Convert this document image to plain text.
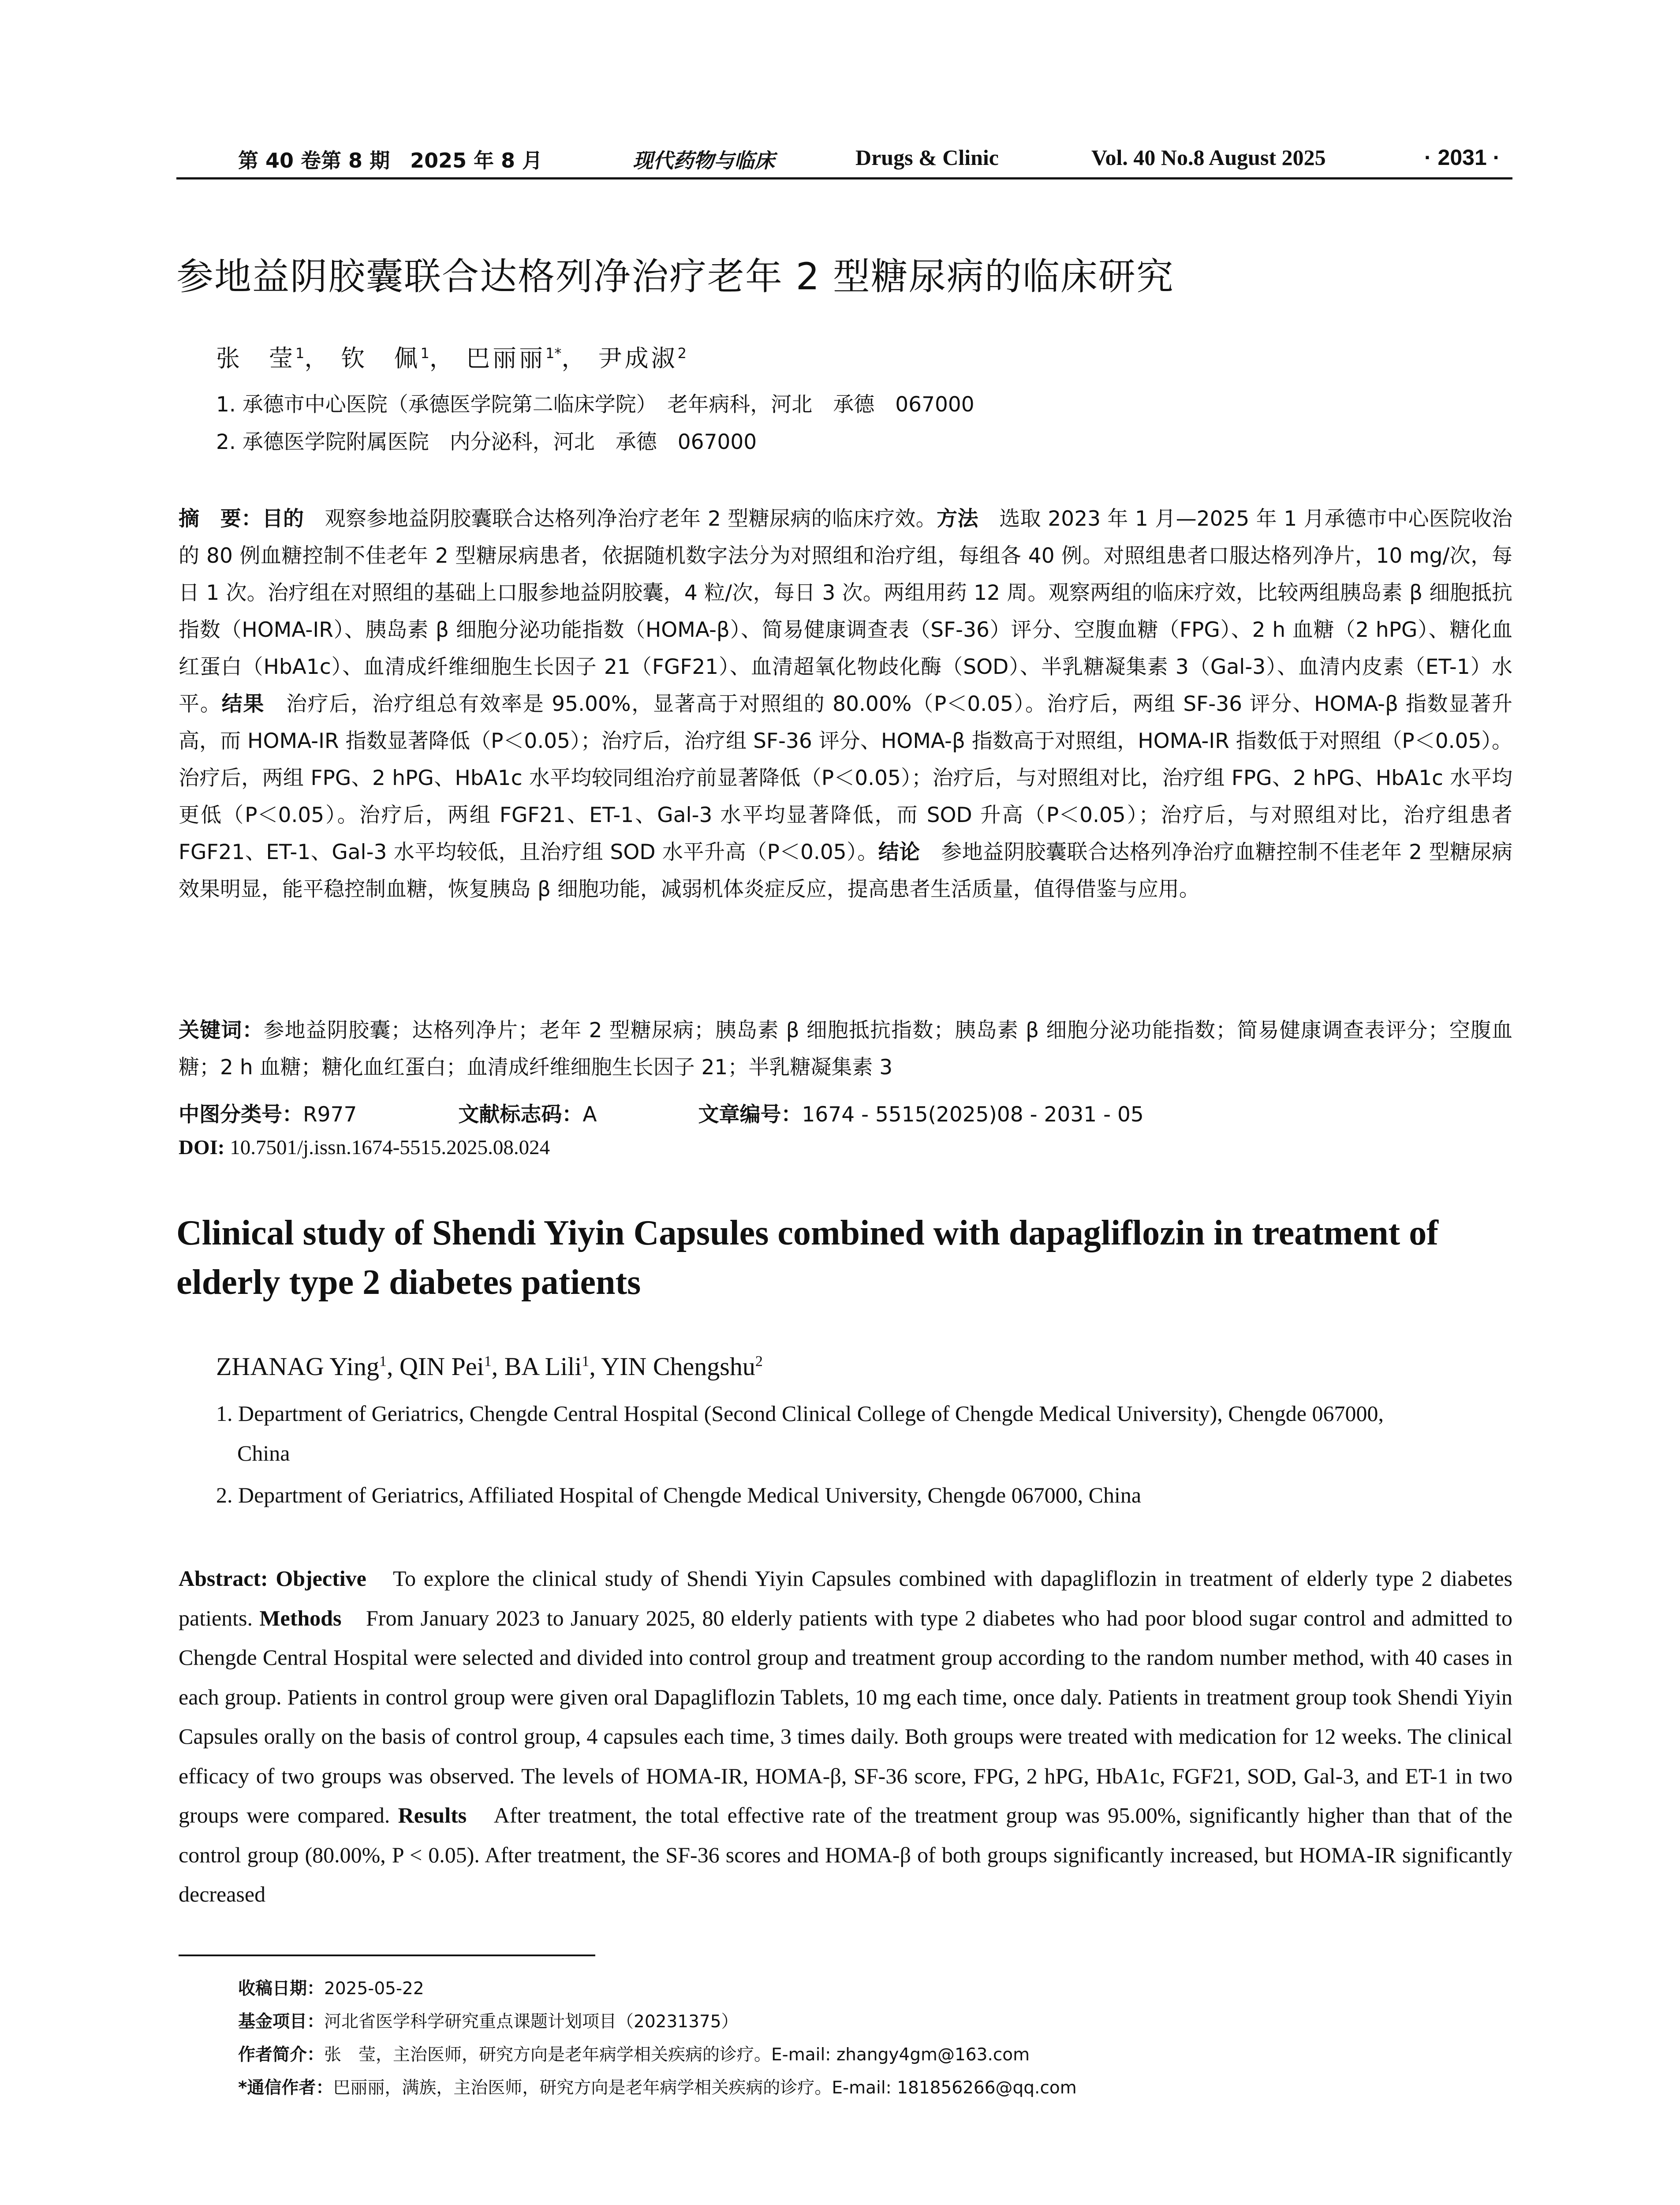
第 40 卷第 8 期　2025 年 8 月	现代药物与临床	Drugs & Clinic	Vol. 40 No.8 August 2025	· 2031 ·
参地益阴胶囊联合达格列净治疗老年 2 型糖尿病的临床研究
张　莹$^1$， 钦　佩$^1$， 巴丽丽$^{1*}$， 尹成淑$^2$
1. 承德市中心医院（承德医学院第二临床学院）　老年病科，河北　承德　067000
2. 承德医学院附属医院　内分泌科，河北　承德　067000
摘　要：目的　观察参地益阴胶囊联合达格列净治疗老年 2 型糖尿病的临床疗效。方法　选取 2023 年 1 月—2025 年 1 月承德市中心医院收治的 80 例血糖控制不佳老年 2 型糖尿病患者，依据随机数字法分为对照组和治疗组，每组各 40 例。对照组患者口服达格列净片，10 mg/次，每日 1 次。治疗组在对照组的基础上口服参地益阴胶囊，4 粒/次，每日 3 次。两组用药 12 周。观察两组的临床疗效，比较两组胰岛素 β 细胞抵抗指数（HOMA-IR）、胰岛素 β 细胞分泌功能指数（HOMA-β）、简易健康调查表（SF-36）评分、空腹血糖（FPG）、2 h 血糖（2 hPG）、糖化血红蛋白（HbA1c）、血清成纤维细胞生长因子 21（FGF21）、血清超氧化物歧化酶（SOD）、半乳糖凝集素 3（Gal-3）、血清内皮素（ET-1）水平。结果　治疗后，治疗组总有效率是 95.00%，显著高于对照组的 80.00%（P＜0.05）。治疗后，两组 SF-36 评分、HOMA-β 指数显著升高，而 HOMA-IR 指数显著降低（P＜0.05）；治疗后，治疗组 SF-36 评分、HOMA-β 指数高于对照组，HOMA-IR 指数低于对照组（P＜0.05）。治疗后，两组 FPG、2 hPG、HbA1c 水平均较同组治疗前显著降低（P＜0.05）；治疗后，与对照组对比，治疗组 FPG、2 hPG、HbA1c 水平均更低（P＜0.05）。治疗后，两组 FGF21、ET-1、Gal-3 水平均显著降低，而 SOD 升高（P＜0.05）；治疗后，与对照组对比，治疗组患者 FGF21、ET-1、Gal-3 水平均较低，且治疗组 SOD 水平升高（P＜0.05）。结论　参地益阴胶囊联合达格列净治疗血糖控制不佳老年 2 型糖尿病效果明显，能平稳控制血糖，恢复胰岛 β 细胞功能，减弱机体炎症反应，提高患者生活质量，值得借鉴与应用。
关键词：参地益阴胶囊；达格列净片；老年 2 型糖尿病；胰岛素 β 细胞抵抗指数；胰岛素 β 细胞分泌功能指数；简易健康调查表评分；空腹血糖；2 h 血糖；糖化血红蛋白；血清成纤维细胞生长因子 21；半乳糖凝集素 3
中图分类号：R977	文献标志码：A	文章编号：1674 - 5515(2025)08 - 2031 - 05
DOI: 10.7501/j.issn.1674-5515.2025.08.024
Clinical study of Shendi Yiyin Capsules combined with dapagliflozin in treatment of elderly type 2 diabetes patients
ZHANAG Ying$^1$, QIN Pei$^1$, BA Lili$^1$, YIN Chengshu$^2$
1. Department of Geriatrics, Chengde Central Hospital (Second Clinical College of Chengde Medical University), Chengde 067000,
China
2. Department of Geriatrics, Affiliated Hospital of Chengde Medical University, Chengde 067000, China
Abstract: Objective　To explore the clinical study of Shendi Yiyin Capsules combined with dapagliflozin in treatment of elderly type 2 diabetes patients. Methods　From January 2023 to January 2025, 80 elderly patients with type 2 diabetes who had poor blood sugar control and admitted to Chengde Central Hospital were selected and divided into control group and treatment group according to the random number method, with 40 cases in each group. Patients in control group were given oral Dapagliflozin Tablets, 10 mg each time, once daly. Patients in treatment group took Shendi Yiyin Capsules orally on the basis of control group, 4 capsules each time, 3 times daily. Both groups were treated with medication for 12 weeks. The clinical efficacy of two groups was observed. The levels of HOMA-IR, HOMA-β, SF-36 score, FPG, 2 hPG, HbA1c, FGF21, SOD, Gal-3, and ET-1 in two groups were compared. Results　After treatment, the total effective rate of the treatment group was 95.00%, significantly higher than that of the control group (80.00%, P < 0.05). After treatment, the SF-36 scores and HOMA-β of both groups significantly increased, but HOMA-IR significantly decreased
收稿日期：2025-05-22
基金项目：河北省医学科学研究重点课题计划项目（20231375）
作者简介：张　莹，主治医师，研究方向是老年病学相关疾病的诊疗。E-mail: zhangy4gm@163.com
*通信作者：巴丽丽，满族，主治医师，研究方向是老年病学相关疾病的诊疗。E-mail: 181856266@qq.com
